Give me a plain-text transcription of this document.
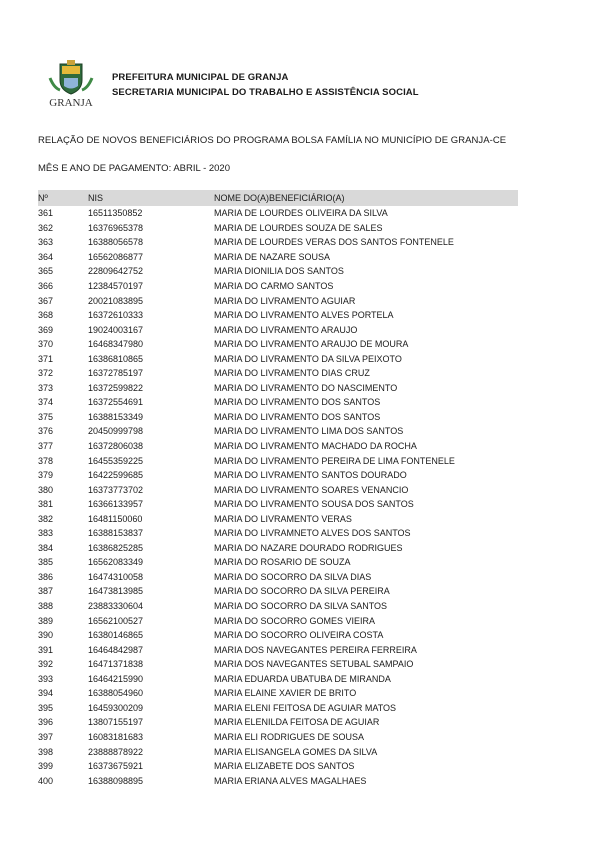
GRANJA
PREFEITURA MUNICIPAL DE GRANJA
SECRETARIA MUNICIPAL DO TRABALHO E ASSISTÊNCIA SOCIAL
RELAÇÃO DE NOVOS BENEFICIÁRIOS DO PROGRAMA BOLSA FAMÍLIA NO MUNICÍPIO DE GRANJA-CE
MÊS E ANO DE PAGAMENTO: ABRIL - 2020
Nº	NIS	NOME DO(A)BENEFICIÁRIO(A)
361	16511350852	MARIA DE LOURDES OLIVEIRA DA SILVA
362	16376965378	MARIA DE LOURDES SOUZA DE SALES
363	16388056578	MARIA DE LOURDES VERAS DOS SANTOS FONTENELE
364	16562086877	MARIA DE NAZARE SOUSA
365	22809642752	MARIA DIONILIA DOS SANTOS
366	12384570197	MARIA DO CARMO SANTOS
367	20021083895	MARIA DO LIVRAMENTO AGUIAR
368	16372610333	MARIA DO LIVRAMENTO ALVES PORTELA
369	19024003167	MARIA DO LIVRAMENTO ARAUJO
370	16468347980	MARIA DO LIVRAMENTO ARAUJO DE MOURA
371	16386810865	MARIA DO LIVRAMENTO DA SILVA PEIXOTO
372	16372785197	MARIA DO LIVRAMENTO DIAS CRUZ
373	16372599822	MARIA DO LIVRAMENTO DO NASCIMENTO
374	16372554691	MARIA DO LIVRAMENTO DOS SANTOS
375	16388153349	MARIA DO LIVRAMENTO DOS SANTOS
376	20450999798	MARIA DO LIVRAMENTO LIMA DOS SANTOS
377	16372806038	MARIA DO LIVRAMENTO MACHADO DA ROCHA
378	16455359225	MARIA DO LIVRAMENTO PEREIRA DE LIMA FONTENELE
379	16422599685	MARIA DO LIVRAMENTO SANTOS DOURADO
380	16373773702	MARIA DO LIVRAMENTO SOARES VENANCIO
381	16366133957	MARIA DO LIVRAMENTO SOUSA DOS SANTOS
382	16481150060	MARIA DO LIVRAMENTO VERAS
383	16388153837	MARIA DO LIVRAMNETO ALVES DOS SANTOS
384	16386825285	MARIA DO NAZARE DOURADO RODRIGUES
385	16562083349	MARIA DO ROSARIO DE SOUZA
386	16474310058	MARIA DO SOCORRO DA SILVA DIAS
387	16473813985	MARIA DO SOCORRO DA SILVA PEREIRA
388	23883330604	MARIA DO SOCORRO DA SILVA SANTOS
389	16562100527	MARIA DO SOCORRO GOMES VIEIRA
390	16380146865	MARIA DO SOCORRO OLIVEIRA COSTA
391	16464842987	MARIA DOS NAVEGANTES PEREIRA FERREIRA
392	16471371838	MARIA DOS NAVEGANTES SETUBAL SAMPAIO
393	16464215990	MARIA EDUARDA UBATUBA DE MIRANDA
394	16388054960	MARIA ELAINE XAVIER DE BRITO
395	16459300209	MARIA ELENI FEITOSA DE AGUIAR MATOS
396	13807155197	MARIA ELENILDA FEITOSA DE AGUIAR
397	16083181683	MARIA ELI RODRIGUES DE SOUSA
398	23888878922	MARIA ELISANGELA GOMES DA SILVA
399	16373675921	MARIA ELIZABETE DOS SANTOS
400	16388098895	MARIA ERIANA ALVES MAGALHAES
